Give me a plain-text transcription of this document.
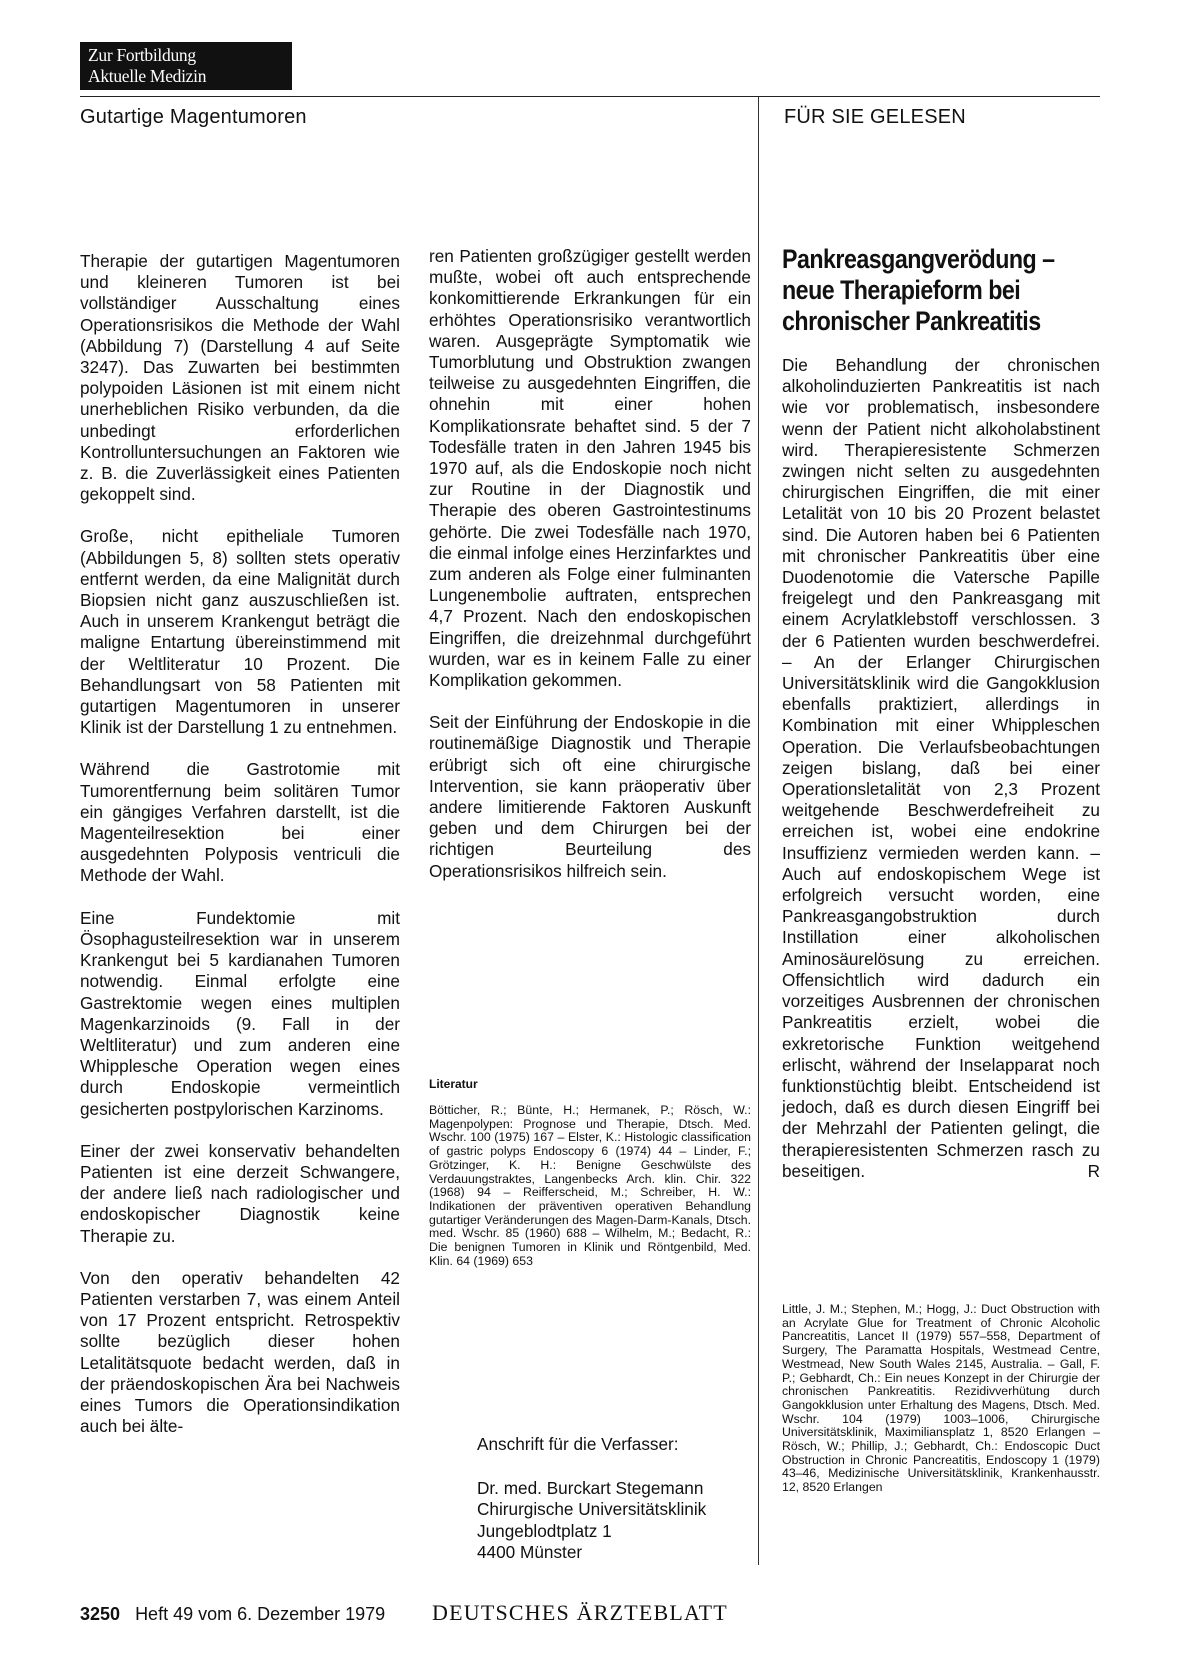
Zur Fortbildung
Aktuelle Medizin
Gutartige Magentumoren	FÜR SIE GELESEN

Therapie der gutartigen Magentumoren und kleineren Tumoren ist bei vollständiger Ausschaltung eines Operationsrisikos die Methode der Wahl (Abbildung 7) (Darstellung 4 auf Seite 3247). Das Zuwarten bei bestimmten polypoiden Läsionen ist mit einem nicht unerheblichen Risiko verbunden, da die unbedingt erforderlichen Kontrolluntersuchungen an Faktoren wie z. B. die Zuverlässigkeit eines Patienten gekoppelt sind.

Große, nicht epitheliale Tumoren (Abbildungen 5, 8) sollten stets operativ entfernt werden, da eine Malignität durch Biopsien nicht ganz auszuschließen ist. Auch in unserem Krankengut beträgt die maligne Entartung übereinstimmend mit der Weltliteratur 10 Prozent. Die Behandlungsart von 58 Patienten mit gutartigen Magentumoren in unserer Klinik ist der Darstellung 1 zu entnehmen.

Während die Gastrotomie mit Tumorentfernung beim solitären Tumor ein gängiges Verfahren darstellt, ist die Magenteilresektion bei einer ausgedehnten Polyposis ventriculi die Methode der Wahl.

Eine Fundektomie mit Ösophagusteilresektion war in unserem Krankengut bei 5 kardianahen Tumoren notwendig. Einmal erfolgte eine Gastrektomie wegen eines multiplen Magenkarzinoids (9. Fall in der Weltliteratur) und zum anderen eine Whipplesche Operation wegen eines durch Endoskopie vermeintlich gesicherten postpylorischen Karzinoms.

Einer der zwei konservativ behandelten Patienten ist eine derzeit Schwangere, der andere ließ nach radiologischer und endoskopischer Diagnostik keine Therapie zu.

Von den operativ behandelten 42 Patienten verstarben 7, was einem Anteil von 17 Prozent entspricht. Retrospektiv sollte bezüglich dieser hohen Letalitätsquote bedacht werden, daß in der präendoskopischen Ära bei Nachweis eines Tumors die Operationsindikation auch bei älte-

ren Patienten großzügiger gestellt werden mußte, wobei oft auch entsprechende konkomittierende Erkrankungen für ein erhöhtes Operationsrisiko verantwortlich waren. Ausgeprägte Symptomatik wie Tumorblutung und Obstruktion zwangen teilweise zu ausgedehnten Eingriffen, die ohnehin mit einer hohen Komplikationsrate behaftet sind. 5 der 7 Todesfälle traten in den Jahren 1945 bis 1970 auf, als die Endoskopie noch nicht zur Routine in der Diagnostik und Therapie des oberen Gastrointestinums gehörte. Die zwei Todesfälle nach 1970, die einmal infolge eines Herzinfarktes und zum anderen als Folge einer fulminanten Lungenembolie auftraten, entsprechen 4,7 Prozent. Nach den endoskopischen Eingriffen, die dreizehnmal durchgeführt wurden, war es in keinem Falle zu einer Komplikation gekommen.

Seit der Einführung der Endoskopie in die routinemäßige Diagnostik und Therapie erübrigt sich oft eine chirurgische Intervention, sie kann präoperativ über andere limitierende Faktoren Auskunft geben und dem Chirurgen bei der richtigen Beurteilung des Operationsrisikos hilfreich sein.

Literatur
Bötticher, R.; Bünte, H.; Hermanek, P.; Rösch, W.: Magenpolypen: Prognose und Therapie, Dtsch. Med. Wschr. 100 (1975) 167 – Elster, K.: Histologic classification of gastric polyps Endoscopy 6 (1974) 44 – Linder, F.; Grötzinger, K. H.: Benigne Geschwülste des Verdauungstraktes, Langenbecks Arch. klin. Chir. 322 (1968) 94 – Reifferscheid, M.; Schreiber, H. W.: Indikationen der präventiven operativen Behandlung gutartiger Veränderungen des Magen-Darm-Kanals, Dtsch. med. Wschr. 85 (1960) 688 – Wilhelm, M.; Bedacht, R.: Die benignen Tumoren in Klinik und Röntgenbild, Med. Klin. 64 (1969) 653
Anschrift für die Verfasser:
Dr. med. Burckart Stegemann
Chirurgische Universitätsklinik
Jungeblodtplatz 1
4400 Münster
Pankreasgangverödung – neue Therapieform bei chronischer Pankreatitis

Die Behandlung der chronischen alkoholinduzierten Pankreatitis ist nach wie vor problematisch, insbesondere wenn der Patient nicht alkoholabstinent wird. Therapieresistente Schmerzen zwingen nicht selten zu ausgedehnten chirurgischen Eingriffen, die mit einer Letalität von 10 bis 20 Prozent belastet sind. Die Autoren haben bei 6 Patienten mit chronischer Pankreatitis über eine Duodenotomie die Vatersche Papille freigelegt und den Pankreasgang mit einem Acrylatklebstoff verschlossen. 3 der 6 Patienten wurden beschwerdefrei. – An der Erlanger Chirurgischen Universitätsklinik wird die Gangokklusion ebenfalls praktiziert, allerdings in Kombination mit einer Whippleschen Operation. Die Verlaufsbeobachtungen zeigen bislang, daß bei einer Operationsletalität von 2,3 Prozent weitgehende Beschwerdefreiheit zu erreichen ist, wobei eine endokrine Insuffizienz vermieden werden kann. – Auch auf endoskopischem Wege ist erfolgreich versucht worden, eine Pankreasgangobstruktion durch Instillation einer alkoholischen Aminosäurelösung zu erreichen. Offensichtlich wird dadurch ein vorzeitiges Ausbrennen der chronischen Pankreatitis erzielt, wobei die exkretorische Funktion weitgehend erlischt, während der Inselapparat noch funktionstüchtig bleibt. Entscheidend ist jedoch, daß es durch diesen Eingriff bei der Mehrzahl der Patienten gelingt, die therapieresistenten Schmerzen rasch zu beseitigen.	R

Little, J. M.; Stephen, M.; Hogg, J.: Duct Obstruction with an Acrylate Glue for Treatment of Chronic Alcoholic Pancreatitis, Lancet II (1979) 557–558, Department of Surgery, The Paramatta Hospitals, Westmead Centre, Westmead, New South Wales 2145, Australia. – Gall, F. P.; Gebhardt, Ch.: Ein neues Konzept in der Chirurgie der chronischen Pankreatitis. Rezidivverhütung durch Gangokklusion unter Erhaltung des Magens, Dtsch. Med. Wschr. 104 (1979) 1003–1006, Chirurgische Universitätsklinik, Maximiliansplatz 1, 8520 Erlangen – Rösch, W.; Phillip, J.; Gebhardt, Ch.: Endoscopic Duct Obstruction in Chronic Pancreatitis, Endoscopy 1 (1979) 43–46, Medizinische Universitätsklinik, Krankenhausstr. 12, 8520 Erlangen
3250 Heft 49 vom 6. Dezember 1979 DEUTSCHES ÄRZTEBLATT
